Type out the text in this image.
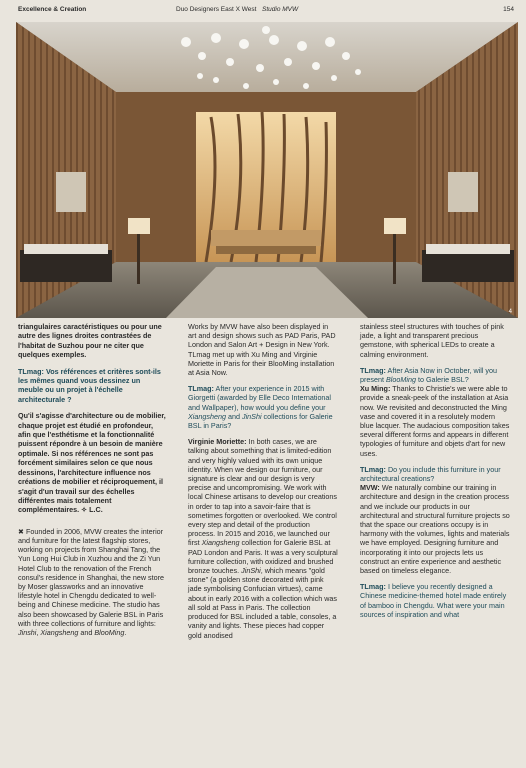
Excellence & Creation	Duo Designers East X West Studio MVW	154
4

triangulaires caractéristiques ou pour une autre des lignes droites contrastées de l'habitat de Suzhou pour ne citer que quelques exemples.

TLmag: Vos références et critères sont-ils les mêmes quand vous dessinez un meuble ou un projet à l'échelle architecturale ?

Qu'il s'agisse d'architecture ou de mobilier, chaque projet est étudié en profondeur, afin que l'esthétisme et la fonctionnalité puissent répondre à un besoin de manière optimale. Si nos références ne sont pas forcément similaires selon ce que nous dessinons, l'architecture influence nos créations de mobilier et réciproquement, il s'agit d'un travail sur des échelles différentes mais totalement complémentaires. ✧ L.C.

✖ Founded in 2006, MVW creates the interior and furniture for the latest flagship stores, working on projects from Shanghai Tang, the Yun Long Hui Club in Xuzhou and the Zi Yun Hotel Club to the renovation of the French consul's residence in Shanghai, the new store by Moser glassworks and an innovative lifestyle hotel in Chengdu dedicated to well-being and Chinese medicine. The studio has also been showcased by Galerie BSL in Paris with three collections of furniture and lights: Jinshi, Xiangsheng and BlooMing.

Works by MVW have also been displayed in art and design shows such as PAD Paris, PAD London and Salon Art + Design in New York. TLmag met up with Xu Ming and Virginie Moriette in Paris for their BlooMing installation at Asia Now.

TLmag: After your experience in 2015 with Giorgetti (awarded by Elle Deco International and Wallpaper), how would you define your Xiangsheng and JinShi collections for Galerie BSL in Paris?

Virginie Moriette: In both cases, we are talking about something that is limited-edition and very highly valued with its own unique identity. When we design our furniture, our signature is clear and our design is very precise and uncompromising. We work with local Chinese artisans to develop our creations in order to tap into a savoir-faire that is sometimes forgotten or overlooked. We control every step and detail of the production process. In 2015 and 2016, we launched our first Xiangsheng collection for Galerie BSL at PAD London and Paris. It was a very sculptural furniture collection, with oxidized and brushed bronze touches. JinShi, which means "gold stone" (a golden stone decorated with pink jade symbolising Confucian virtues), came about in early 2016 with a collection which was all sold at Pass in Paris. The collection produced for BSL included a table, consoles, a vanity and lights. These pieces had copper gold anodised

stainless steel structures with touches of pink jade, a light and transparent precious gemstone, with spherical LEDs to create a calming environment.

TLmag: After Asia Now in October, will you present BlooMing to Galerie BSL?

Xu Ming: Thanks to Christie's we were able to provide a sneak-peek of the installation at Asia now. We revisited and deconstructed the Ming vase and covered it in a resolutely modern blue lacquer. The audacious composition takes several different forms and appears in different typologies of furniture and objets d'art for new uses.

TLmag: Do you include this furniture in your architectural creations?

MVW: We naturally combine our training in architecture and design in the creation process and we include our products in our architectural and structural furniture projects so that the space our creations occupy is in harmony with the volumes, lights and materials we have employed. Designing furniture and incorporating it into our projects lets us construct an entire experience and aesthetic based on timeless elegance.

TLmag: I believe you recently designed a Chinese medicine-themed hotel made entirely of bamboo in Chengdu. What were your main sources of inspiration and what
